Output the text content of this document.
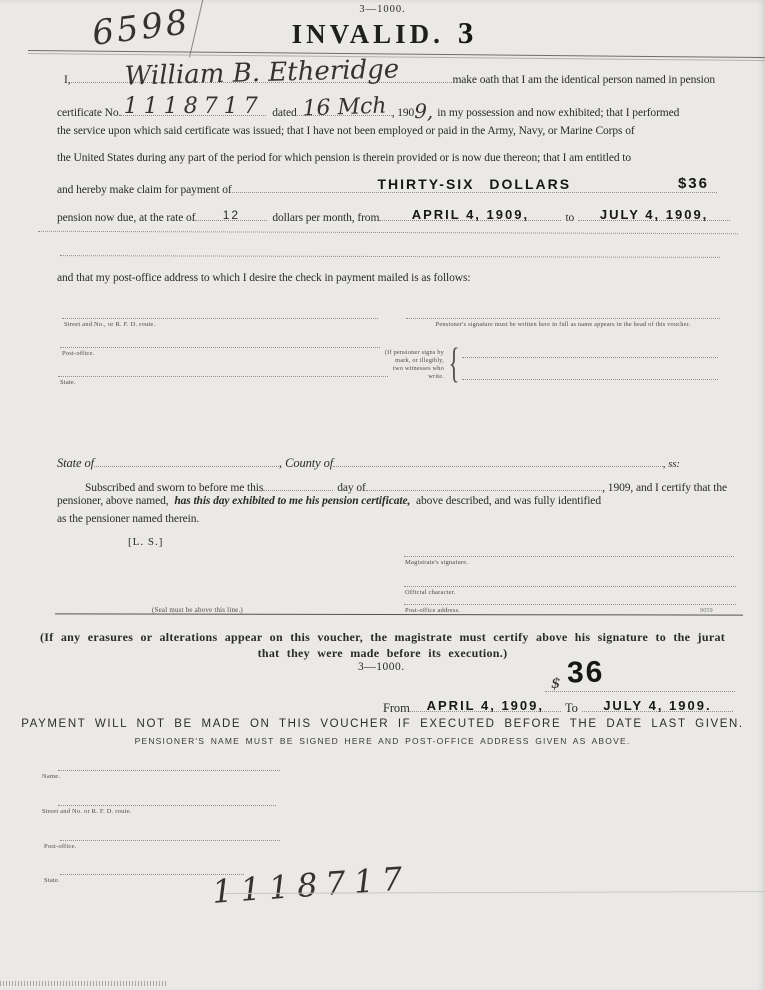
3—1000.
INVALID. 3
6598
I,	William B. Etheridge	make oath that I am the identical person named in pension
certificate No. 1118717 dated 16 Mch , 190 9, in my possession and now exhibited; that I performed
the service upon which said certificate was issued; that I have not been employed or paid in the Army, Navy, or Marine Corps of
the United States during any part of the period for which pension is therein provided or is now due thereon; that I am entitled to
and hereby make claim for payment of	THIRTY-SIX DOLLARS	$36
pension now due, at the rate of	12	dollars per month, from	APRIL 4, 1909,	to	JULY 4, 1909,
and that my post-office address to which I desire the check in payment mailed is as follows:
Street and No., or R. F. D. route.
Post-office.
State.
Pensioner's signature must be written here in full as name appears in the head of this voucher.
(If pensioner signs by mark, or illegibly, two witnesses who write. {
State of	, County of	, ss:
Subscribed and sworn to before me this	day of	, 1909, and I certify that the
pensioner, above named, has this day exhibited to me his pension certificate, above described, and was fully identified
as the pensioner named therein.
[L. S.]
Magistrate's signature.
Official character.
Post-office address.	9059
(Seal must be above this line.)
(If any erasures or alterations appear on this voucher, the magistrate must certify above his signature to the jurat
that they were made before its execution.)
3—1000.
$ 36
From	APRIL 4, 1909,	To	JULY 4, 1909.
PAYMENT WILL NOT BE MADE ON THIS VOUCHER IF EXECUTED BEFORE THE DATE LAST GIVEN.
PENSIONER'S NAME MUST BE SIGNED HERE AND POST-OFFICE ADDRESS GIVEN AS ABOVE.
Name.
Street and No. or R. F. D. route.
Post-office.
State.	1118717
